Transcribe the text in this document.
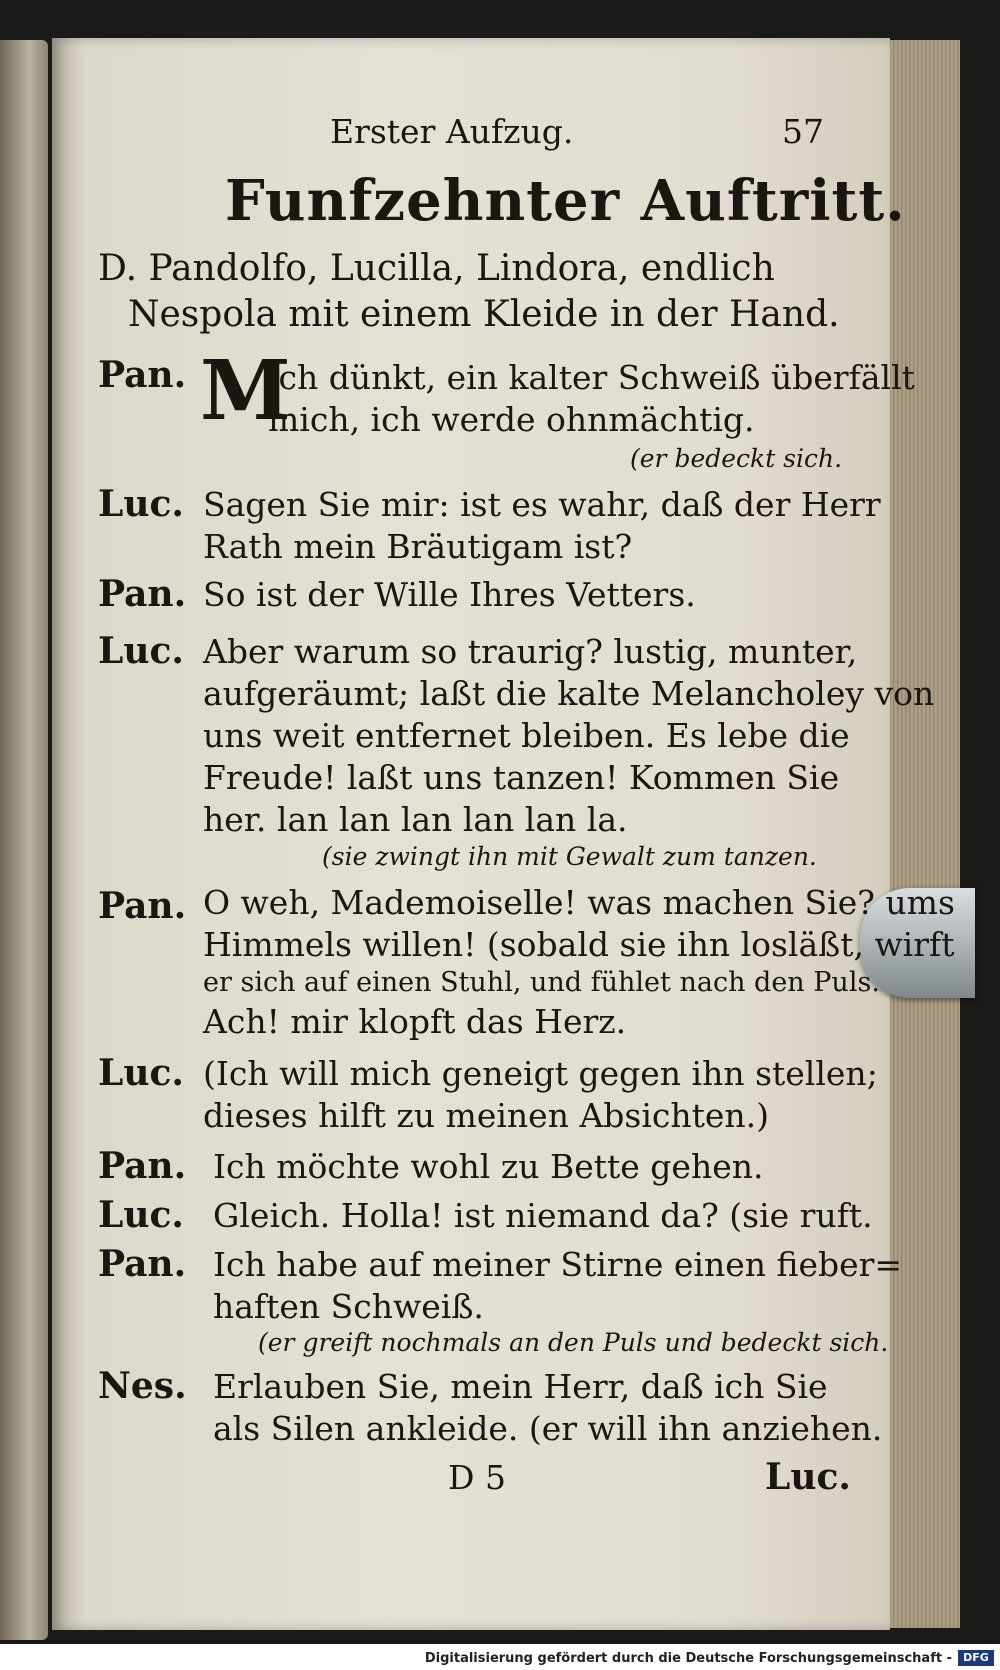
Erster Aufzug.	57
Funfzehnter Auftritt.
D. Pandolfo, Lucilla, Lindora, endlich
Nespola mit einem Kleide in der Hand.
Pan. M
ich dünkt, ein kalter Schweiß überfällt
mich, ich werde ohnmächtig.
(er bedeckt sich.
Luc. Sagen Sie mir: ist es wahr, daß der Herr
Rath mein Bräutigam ist?
Pan. So ist der Wille Ihres Vetters.
Luc. Aber warum so traurig? lustig, munter,
aufgeräumt; laßt die kalte Melancholey von
uns weit entfernet bleiben. Es lebe die
Freude! laßt uns tanzen! Kommen Sie
her. lan lan lan lan lan la.
(sie zwingt ihn mit Gewalt zum tanzen.
Pan. O weh, Mademoiselle! was machen Sie? ums
Himmels willen! (sobald sie ihn losläßt, wirft
er sich auf einen Stuhl, und fühlet nach den Puls.
Ach! mir klopft das Herz.
Luc. (Ich will mich geneigt gegen ihn stellen;
dieses hilft zu meinen Absichten.)
Pan. Ich möchte wohl zu Bette gehen.
Luc. Gleich. Holla! ist niemand da? (sie ruft.
Pan. Ich habe auf meiner Stirne einen fieber=
haften Schweiß.
(er greift nochmals an den Puls und bedeckt sich.
Nes. Erlauben Sie, mein Herr, daß ich Sie
als Silen ankleide. (er will ihn anziehen.
D 5	Luc.
Digitalisierung gefördert durch die Deutsche Forschungsgemeinschaft -	DFG
